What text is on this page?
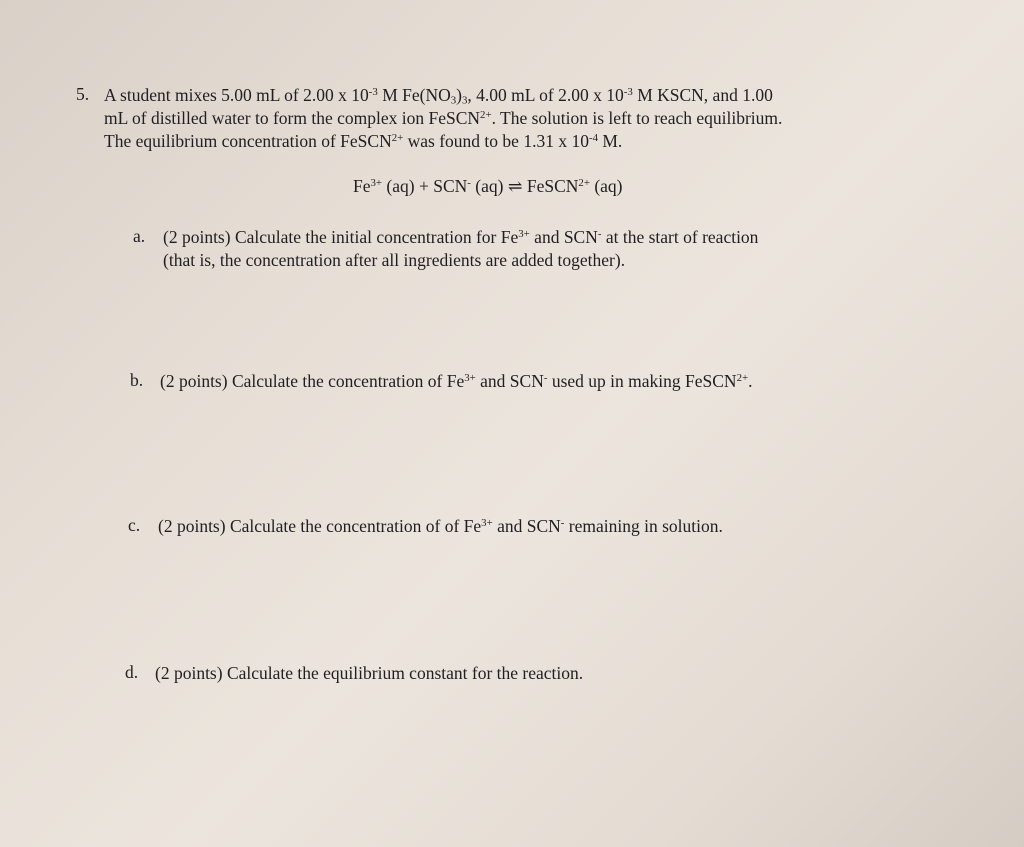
5. A student mixes 5.00 mL of 2.00 x $10^{-3}$ M $Fe(NO_3)_3$, 4.00 mL of 2.00 x $10^{-3}$ M KSCN, and 1.00
mL of distilled water to form the complex ion FeSCN$^{2+}$. The solution is left to reach equilibrium.
The equilibrium concentration of FeSCN$^{2+}$ was found to be 1.31 x $10^{-4}$ M.
$Fe^{3+}$ (aq) + SCN- (aq) ⇌ FeSCN$^{2+}$ (aq)
a. (2 points) Calculate the initial concentration for $Fe^{3+}$ and SCN- at the start of reaction
(that is, the concentration after all ingredients are added together).
b. (2 points) Calculate the concentration of $Fe^{3+}$ and SCN- used up in making FeSCN$^{2+}$.
c. (2 points) Calculate the concentration of of $Fe^{3+}$ and SCN- remaining in solution.
d. (2 points) Calculate the equilibrium constant for the reaction.
